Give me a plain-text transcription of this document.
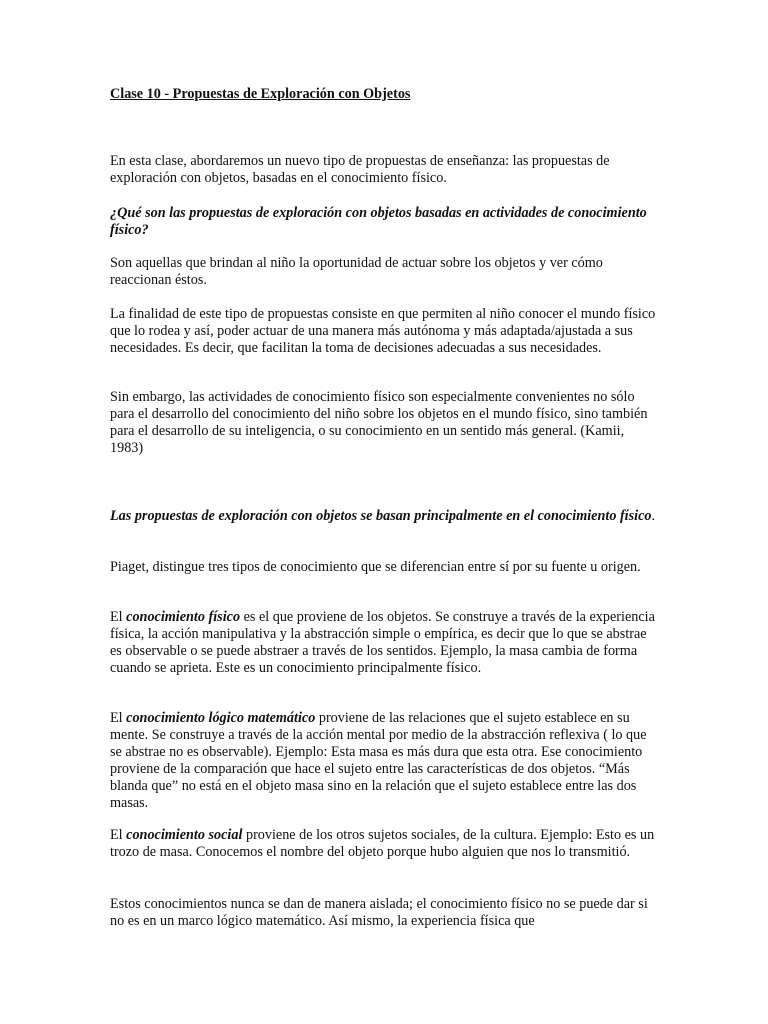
Clase 10 - Propuestas de Exploración con Objetos

En esta clase, abordaremos un nuevo tipo de propuestas de enseñanza: las propuestas de exploración con objetos, basadas en el conocimiento físico.

¿Qué son las propuestas de exploración con objetos basadas en actividades de conocimiento físico?

Son aquellas que brindan al niño la oportunidad de actuar sobre los objetos y ver cómo reaccionan éstos.

La finalidad de este tipo de propuestas consiste en que permiten al niño conocer el mundo físico que lo rodea y así, poder actuar de una manera más autónoma y más adaptada/ajustada a sus necesidades. Es decir, que facilitan la toma de decisiones adecuadas a sus necesidades.

Sin embargo, las actividades de conocimiento físico son especialmente convenientes no sólo para el desarrollo del conocimiento del niño sobre los objetos en el mundo físico, sino también para el desarrollo de su inteligencia, o su conocimiento en un sentido más general. (Kamii, 1983)

Las propuestas de exploración con objetos se basan principalmente en el conocimiento físico.

Piaget, distingue tres tipos de conocimiento que se diferencian entre sí por su fuente u origen.

El conocimiento físico es el que proviene de los objetos. Se construye a través de la experiencia física, la acción manipulativa y la abstracción simple o empírica, es decir que lo que se abstrae es observable o se puede abstraer a través de los sentidos. Ejemplo, la masa cambia de forma cuando se aprieta. Este es un conocimiento principalmente físico.

El conocimiento lógico matemático proviene de las relaciones que el sujeto establece en su mente. Se construye a través de la acción mental por medio de la abstracción reflexiva ( lo que se abstrae no es observable). Ejemplo: Esta masa es más dura que esta otra. Ese conocimiento proviene de la comparación que hace el sujeto entre las características de dos objetos. “Más blanda que” no está en el objeto masa sino en la relación que el sujeto establece entre las dos masas.

El conocimiento social proviene de los otros sujetos sociales, de la cultura. Ejemplo: Esto es un trozo de masa. Conocemos el nombre del objeto porque hubo alguien que nos lo transmitió.

Estos conocimientos nunca se dan de manera aislada; el conocimiento físico no se puede dar si no es en un marco lógico matemático. Así mismo, la experiencia física que
